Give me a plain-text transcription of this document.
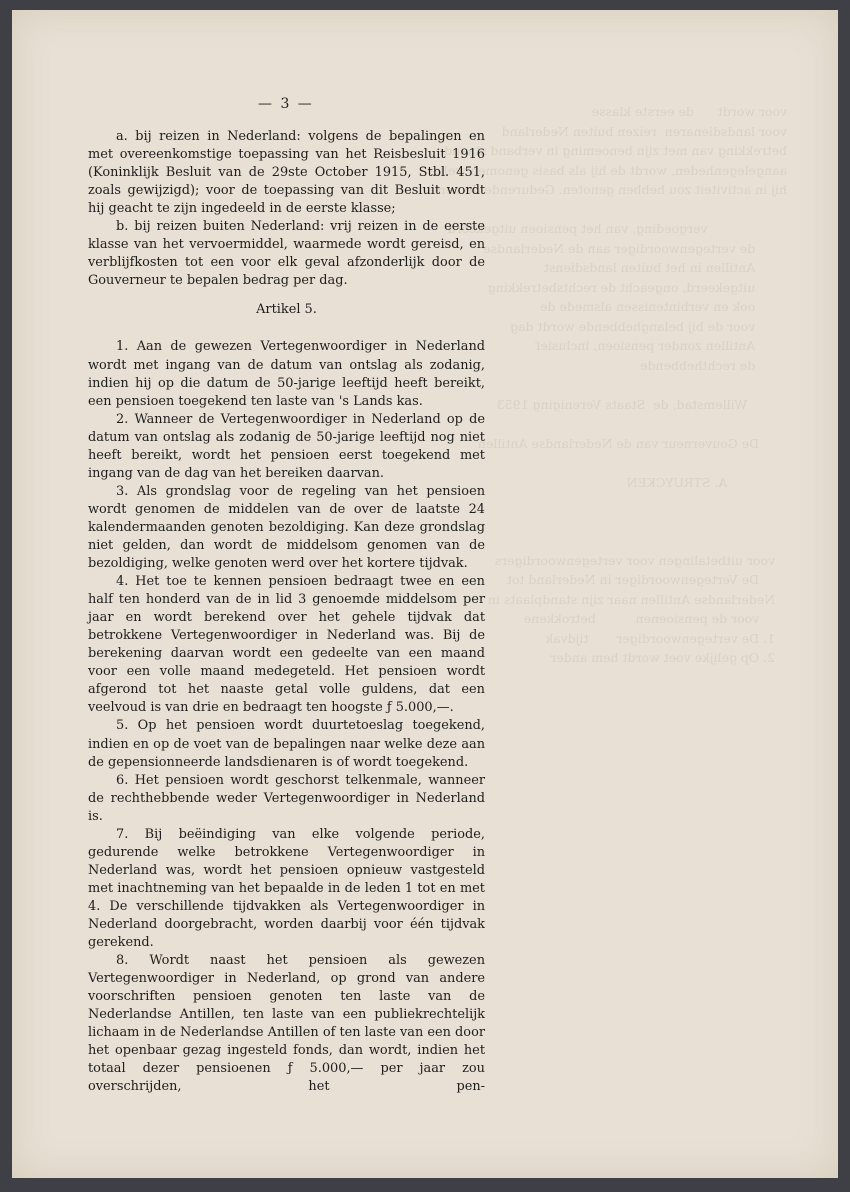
voor wordt      de eerste klasse
voor landsdienaren  reizen buiten Nederland
betrekking van met zijn benoeming in verband staande
aangelegenheden, wordt de hij als basis genomen welke
hij in activiteit zou hebben genoten. Gedurende de nemen

vergoeding, van het pensioen uitgekeerd
de vertegenwoordiger aan de Nederlandse
Antillen in het buiten landsdienst
uitgekeerd, ongeacht de rechtsbetrekking
ook en verbintenissen alsmede de
voor de bij belanghebbende wordt dag
Antillen zonder pensioen, inclusief
de rechthebbende

Willemstad, de  Staats Vereniging 1953

De Gouverneur van de Nederlandse Antillen

A. STRUYCKEN

voor uitbetalingen voor vertegenwoordigers
De Vertegenwoordiger in Nederland tot
Nederlandse Antillen naar zijn standplaats in
voor de pensioenen          betrokkene
1. De vertegenwoordiger       tijdvak
2. Op gelijke voet wordt hem ander
— 3 —

a. bij reizen in Nederland: volgens de bepalingen en met overeenkomstige toepassing van het Reisbesluit 1916 (Koninklijk Besluit van de 29ste October 1915, Stbl. 451, zoals gewijzigd); voor de toepassing van dit Besluit wordt hij geacht te zijn ingedeeld in de eerste klasse;

b. bij reizen buiten Nederland: vrij reizen in de eerste klasse van het vervoermiddel, waarmede wordt gereisd, en verblijfkosten tot een voor elk geval afzonderlijk door de Gouverneur te bepalen bedrag per dag.

Artikel 5.

1. Aan de gewezen Vertegenwoordiger in Nederland wordt met ingang van de datum van ontslag als zodanig, indien hij op die datum de 50-jarige leeftijd heeft bereikt, een pensioen toegekend ten laste van 's Lands kas.

2. Wanneer de Vertegenwoordiger in Nederland op de datum van ontslag als zodanig de 50-jarige leeftijd nog niet heeft bereikt, wordt het pensioen eerst toegekend met ingang van de dag van het bereiken daarvan.

3. Als grondslag voor de regeling van het pensioen wordt genomen de middelen van de over de laatste 24 kalendermaanden genoten bezoldiging. Kan deze grondslag niet gelden, dan wordt de middelsom genomen van de bezoldiging, welke genoten werd over het kortere tijdvak.

4. Het toe te kennen pensioen bedraagt twee en een half ten honderd van de in lid 3 genoemde middelsom per jaar en wordt berekend over het gehele tijdvak dat betrokkene Vertegenwoordiger in Nederland was. Bij de berekening daarvan wordt een gedeelte van een maand voor een volle maand medegeteld. Het pensioen wordt afgerond tot het naaste getal volle guldens, dat een veelvoud is van drie en bedraagt ten hoogste ƒ 5.000,—.

5. Op het pensioen wordt duurtetoeslag toegekend, indien en op de voet van de bepalingen naar welke deze aan de gepensionneerde landsdienaren is of wordt toegekend.

6. Het pensioen wordt geschorst telkenmale, wanneer de rechthebbende weder Vertegenwoordiger in Nederland is.

7. Bij beëindiging van elke volgende periode, gedurende welke betrokkene Vertegenwoordiger in Nederland was, wordt het pensioen opnieuw vastgesteld met inachtneming van het bepaalde in de leden 1 tot en met 4. De verschillende tijdvakken als Vertegenwoordiger in Nederland doorgebracht, worden daarbij voor één tijdvak gerekend.

8. Wordt naast het pensioen als gewezen Vertegenwoordiger in Nederland, op grond van andere voorschriften pensioen genoten ten laste van de Nederlandse Antillen, ten laste van een publiekrechtelijk lichaam in de Nederlandse Antillen of ten laste van een door het openbaar gezag ingesteld fonds, dan wordt, indien het totaal dezer pensioenen ƒ 5.000,— per jaar zou overschrijden, het pen-
